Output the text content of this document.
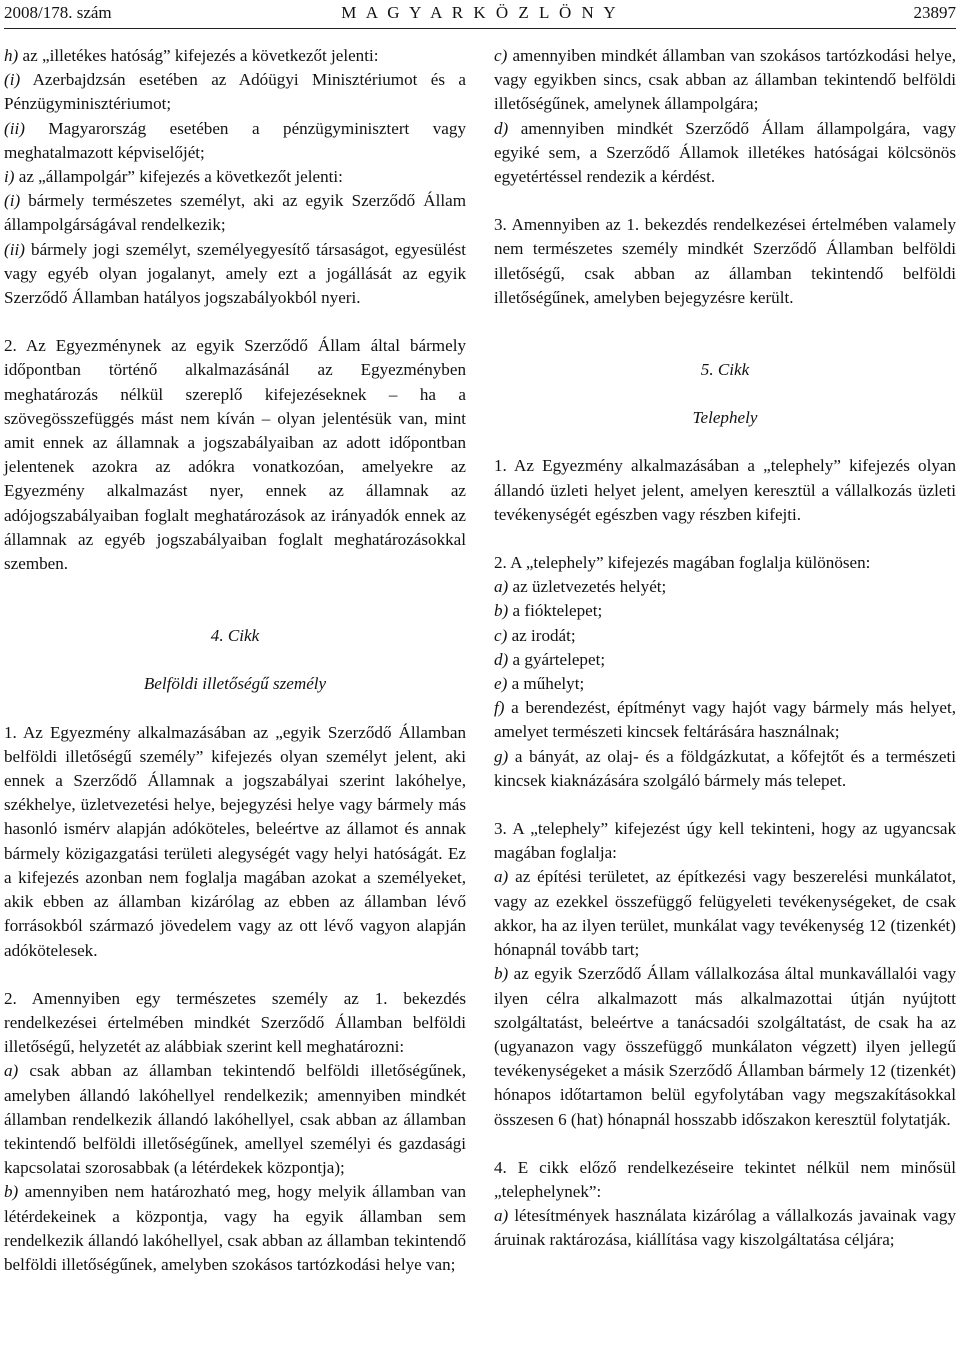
2008/178. szám	M A G Y A R K Ö Z L Ö N Y	23897

h) az „illetékes hatóság” kifejezés a következőt jelenti:

(i) Azerbajdzsán esetében az Adóügyi Minisztériumot és a Pénzügyminisztériumot;

(ii) Magyarország esetében a pénzügyminisztert vagy meghatalmazott képviselőjét;

i) az „állampolgár” kifejezés a következőt jelenti:

(i) bármely természetes személyt, aki az egyik Szerződő Állam állampolgárságával rendelkezik;

(ii) bármely jogi személyt, személyegyesítő társaságot, egyesülést vagy egyéb olyan jogalanyt, amely ezt a jogállását az egyik Szerződő Államban hatályos jogszabályokból nyeri.

2. Az Egyezménynek az egyik Szerződő Állam által bármely időpontban történő alkalmazásánál az Egyezményben meghatározás nélkül szereplő kifejezéseknek – ha a szövegösszefüggés mást nem kíván – olyan jelentésük van, mint amit ennek az államnak a jogszabályaiban az adott időpontban jelentenek azokra az adókra vonatkozóan, amelyekre az Egyezmény alkalmazást nyer, ennek az államnak az adójogszabályaiban foglalt meghatározások az irányadók ennek az államnak az egyéb jogszabályaiban foglalt meghatározásokkal szemben.

4. Cikk

Belföldi illetőségű személy

1. Az Egyezmény alkalmazásában az „egyik Szerződő Államban belföldi illetőségű személy” kifejezés olyan személyt jelent, aki ennek a Szerződő Államnak a jogszabályai szerint lakóhelye, székhelye, üzletvezetési helye, bejegyzési helye vagy bármely más hasonló ismérv alapján adóköteles, beleértve az államot és annak bármely közigazgatási területi alegységét vagy helyi hatóságát. Ez a kifejezés azonban nem foglalja magában azokat a személyeket, akik ebben az államban kizárólag az ebben az államban lévő forrásokból származó jövedelem vagy az ott lévő vagyon alapján adókötelesek.

2. Amennyiben egy természetes személy az 1. bekezdés rendelkezései értelmében mindkét Szerződő Államban belföldi illetőségű, helyzetét az alábbiak szerint kell meghatározni:

a) csak abban az államban tekintendő belföldi illetőségűnek, amelyben állandó lakóhellyel rendelkezik; amennyiben mindkét államban rendelkezik állandó lakóhellyel, csak abban az államban tekintendő belföldi illetőségűnek, amellyel személyi és gazdasági kapcsolatai szorosabbak (a létérdekek központja);

b) amennyiben nem határozható meg, hogy melyik államban van létérdekeinek a központja, vagy ha egyik államban sem rendelkezik állandó lakóhellyel, csak abban az államban tekintendő belföldi illetőségűnek, amelyben szokásos tartózkodási helye van;

c) amennyiben mindkét államban van szokásos tartózkodási helye, vagy egyikben sincs, csak abban az államban tekintendő belföldi illetőségűnek, amelynek állampolgára;

d) amennyiben mindkét Szerződő Állam állampolgára, vagy egyiké sem, a Szerződő Államok illetékes hatóságai kölcsönös egyetértéssel rendezik a kérdést.

3. Amennyiben az 1. bekezdés rendelkezései értelmében valamely nem természetes személy mindkét Szerződő Államban belföldi illetőségű, csak abban az államban tekintendő belföldi illetőségűnek, amelyben bejegyzésre került.

5. Cikk

Telephely

1. Az Egyezmény alkalmazásában a „telephely” kifejezés olyan állandó üzleti helyet jelent, amelyen keresztül a vállalkozás üzleti tevékenységét egészben vagy részben kifejti.

2. A „telephely” kifejezés magában foglalja különösen:

a) az üzletvezetés helyét;

b) a fióktelepet;

c) az irodát;

d) a gyártelepet;

e) a műhelyt;

f) a berendezést, építményt vagy hajót vagy bármely más helyet, amelyet természeti kincsek feltárására használnak;

g) a bányát, az olaj- és a földgázkutat, a kőfejtőt és a természeti kincsek kiaknázására szolgáló bármely más telepet.

3. A „telephely” kifejezést úgy kell tekinteni, hogy az ugyancsak magában foglalja:

a) az építési területet, az építkezési vagy beszerelési munkálatot, vagy az ezekkel összefüggő felügyeleti tevékenységeket, de csak akkor, ha az ilyen terület, munkálat vagy tevékenység 12 (tizenkét) hónapnál tovább tart;

b) az egyik Szerződő Állam vállalkozása által munkavállalói vagy ilyen célra alkalmazott más alkalmazottai útján nyújtott szolgáltatást, beleértve a tanácsadói szolgáltatást, de csak ha az (ugyanazon vagy összefüggő munkálaton végzett) ilyen jellegű tevékenységeket a másik Szerződő Államban bármely 12 (tizenkét) hónapos időtartamon belül egyfolytában vagy megszakításokkal összesen 6 (hat) hónapnál hosszabb időszakon keresztül folytatják.

4. E cikk előző rendelkezéseire tekintet nélkül nem minősül „telephelynek”:

a) létesítmények használata kizárólag a vállalkozás javainak vagy áruinak raktározása, kiállítása vagy kiszolgáltatása céljára;
